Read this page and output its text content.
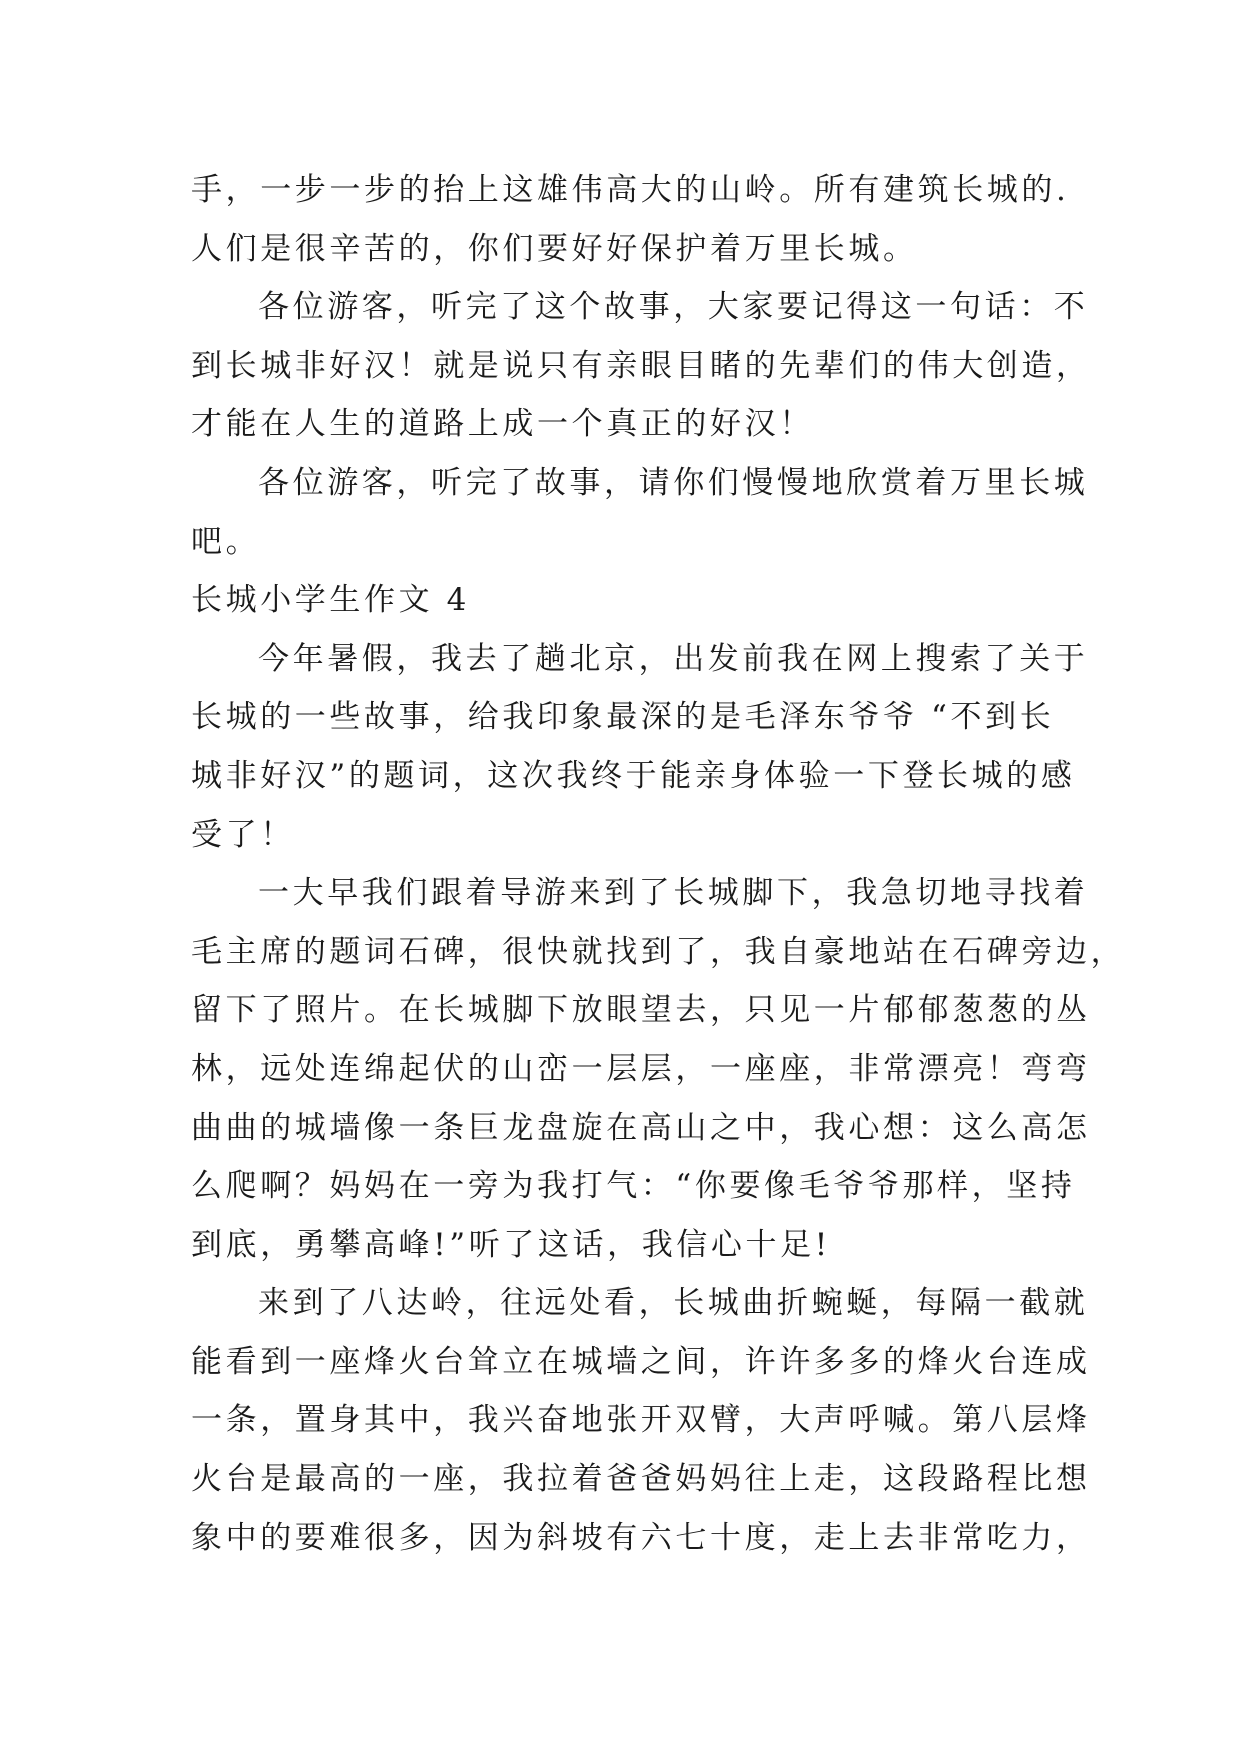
手，一步一步的抬上这雄伟高大的山岭。所有建筑长城的.
人们是很辛苦的，你们要好好保护着万里长城。
各位游客，听完了这个故事，大家要记得这一句话：不
到长城非好汉！就是说只有亲眼目睹的先辈们的伟大创造，
才能在人生的道路上成一个真正的好汉！
各位游客，听完了故事，请你们慢慢地欣赏着万里长城
吧。
长城小学生作文 4
今年暑假，我去了趟北京，出发前我在网上搜索了关于
长城的一些故事，给我印象最深的是毛泽东爷爷 “不到长
城非好汉”的题词，这次我终于能亲身体验一下登长城的感
受了！
一大早我们跟着导游来到了长城脚下，我急切地寻找着
毛主席的题词石碑，很快就找到了，我自豪地站在石碑旁边，
留下了照片。在长城脚下放眼望去，只见一片郁郁葱葱的丛
林，远处连绵起伏的山峦一层层，一座座，非常漂亮！弯弯
曲曲的城墙像一条巨龙盘旋在高山之中，我心想：这么高怎
么爬啊？妈妈在一旁为我打气：“你要像毛爷爷那样，坚持
到底，勇攀高峰!”听了这话，我信心十足!
来到了八达岭，往远处看，长城曲折蜿蜒，每隔一截就
能看到一座烽火台耸立在城墙之间，许许多多的烽火台连成
一条，置身其中，我兴奋地张开双臂，大声呼喊。第八层烽
火台是最高的一座，我拉着爸爸妈妈往上走，这段路程比想
象中的要难很多，因为斜坡有六七十度，走上去非常吃力，
